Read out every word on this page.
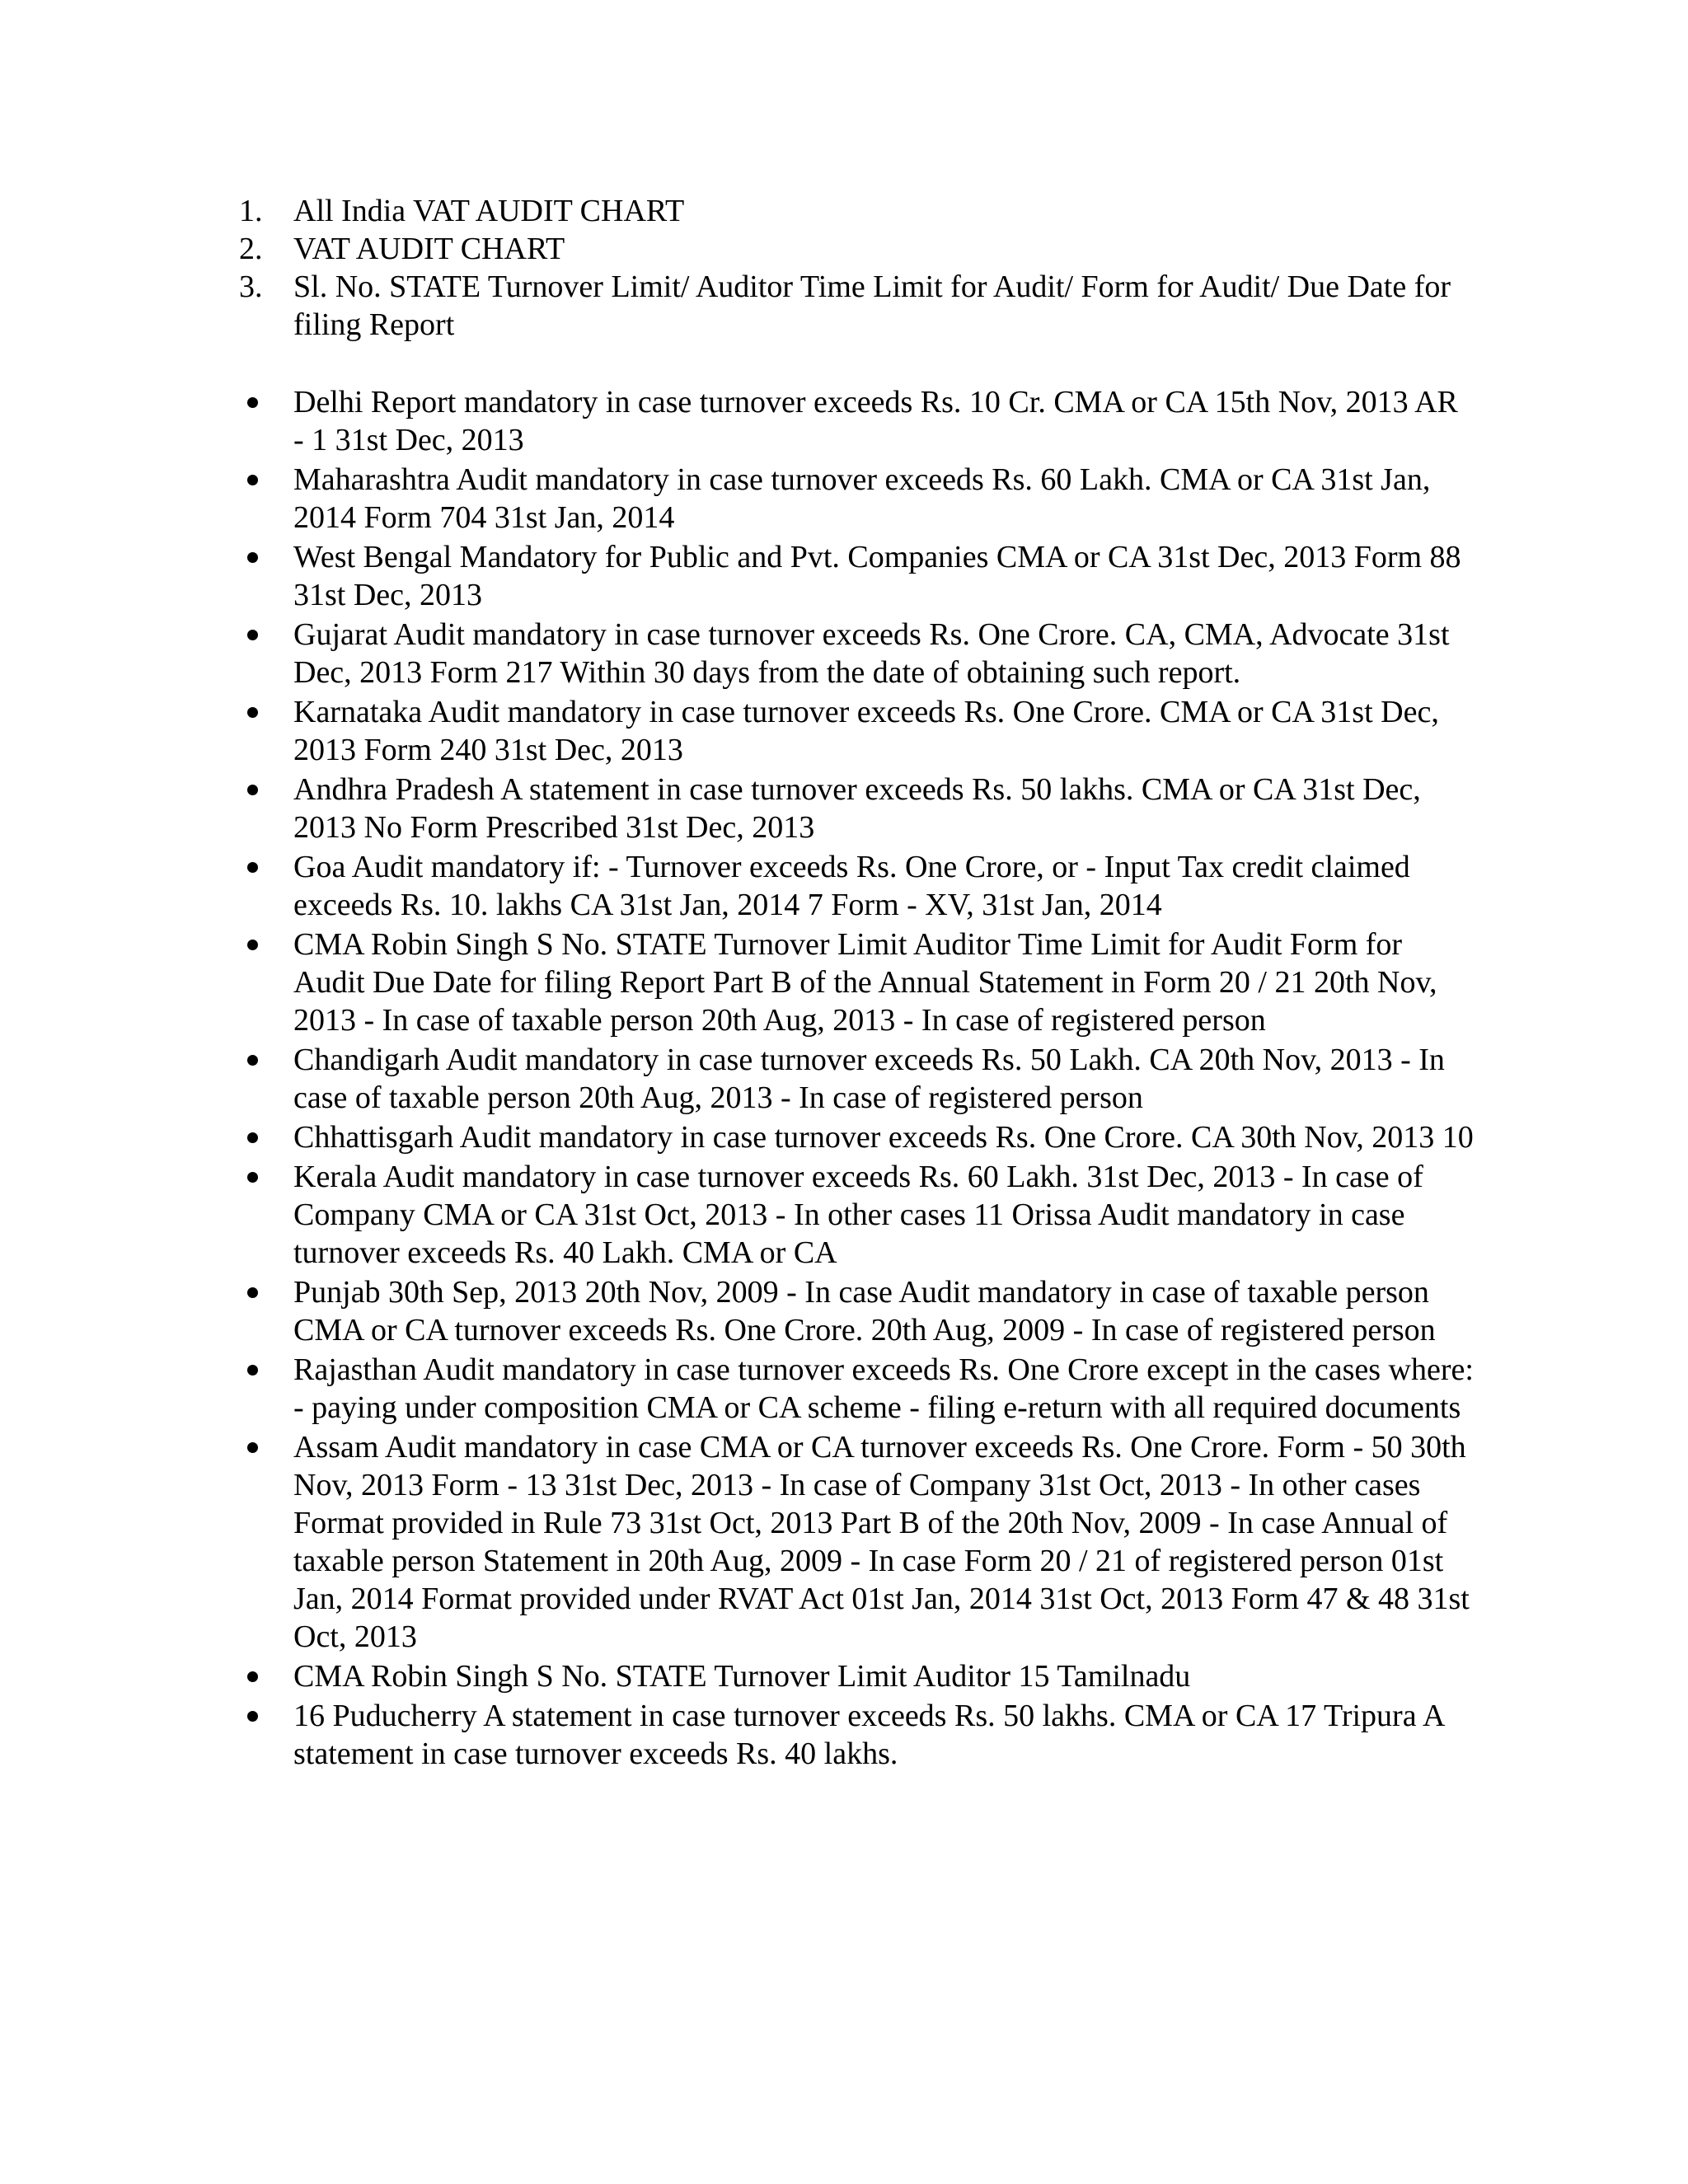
1. All India VAT AUDIT CHART
2. VAT AUDIT CHART
3. Sl. No. STATE Turnover Limit/ Auditor Time Limit for Audit/ Form for Audit/ Due Date for filing Report
Delhi Report mandatory in case turnover exceeds Rs. 10 Cr. CMA or CA 15th Nov, 2013 AR - 1 31st Dec, 2013
Maharashtra Audit mandatory in case turnover exceeds Rs. 60 Lakh. CMA or CA 31st Jan, 2014 Form 704 31st Jan, 2014
West Bengal Mandatory for Public and Pvt. Companies CMA or CA 31st Dec, 2013 Form 88 31st Dec, 2013
Gujarat Audit mandatory in case turnover exceeds Rs. One Crore. CA, CMA, Advocate 31st Dec, 2013 Form 217 Within 30 days from the date of obtaining such report.
Karnataka Audit mandatory in case turnover exceeds Rs. One Crore. CMA or CA 31st Dec, 2013 Form 240 31st Dec, 2013
Andhra Pradesh A statement in case turnover exceeds Rs. 50 lakhs. CMA or CA 31st Dec, 2013 No Form Prescribed 31st Dec, 2013
Goa Audit mandatory if: - Turnover exceeds Rs. One Crore, or - Input Tax credit claimed exceeds Rs. 10. lakhs CA 31st Jan, 2014 7 Form - XV, 31st Jan, 2014
CMA Robin Singh S No. STATE Turnover Limit Auditor Time Limit for Audit Form for Audit Due Date for filing Report Part B of the Annual Statement in Form 20 / 21 20th Nov, 2013 - In case of taxable person 20th Aug, 2013 - In case of registered person
Chandigarh Audit mandatory in case turnover exceeds Rs. 50 Lakh. CA 20th Nov, 2013 - In case of taxable person 20th Aug, 2013 - In case of registered person
Chhattisgarh Audit mandatory in case turnover exceeds Rs. One Crore. CA 30th Nov, 2013 10
Kerala Audit mandatory in case turnover exceeds Rs. 60 Lakh. 31st Dec, 2013 - In case of Company CMA or CA 31st Oct, 2013 - In other cases 11 Orissa Audit mandatory in case turnover exceeds Rs. 40 Lakh. CMA or CA
Punjab 30th Sep, 2013 20th Nov, 2009 - In case Audit mandatory in case of taxable person CMA or CA turnover exceeds Rs. One Crore. 20th Aug, 2009 - In case of registered person
Rajasthan Audit mandatory in case turnover exceeds Rs. One Crore except in the cases where: - paying under composition CMA or CA scheme - filing e-return with all required documents
Assam Audit mandatory in case CMA or CA turnover exceeds Rs. One Crore. Form - 50 30th Nov, 2013 Form - 13 31st Dec, 2013 - In case of Company 31st Oct, 2013 - In other cases Format provided in Rule 73 31st Oct, 2013 Part B of the 20th Nov, 2009 - In case Annual of taxable person Statement in 20th Aug, 2009 - In case Form 20 / 21 of registered person 01st Jan, 2014 Format provided under RVAT Act 01st Jan, 2014 31st Oct, 2013 Form 47 & 48 31st Oct, 2013
CMA Robin Singh S No. STATE Turnover Limit Auditor 15 Tamilnadu
16 Puducherry A statement in case turnover exceeds Rs. 50 lakhs. CMA or CA 17 Tripura A statement in case turnover exceeds Rs. 40 lakhs.
